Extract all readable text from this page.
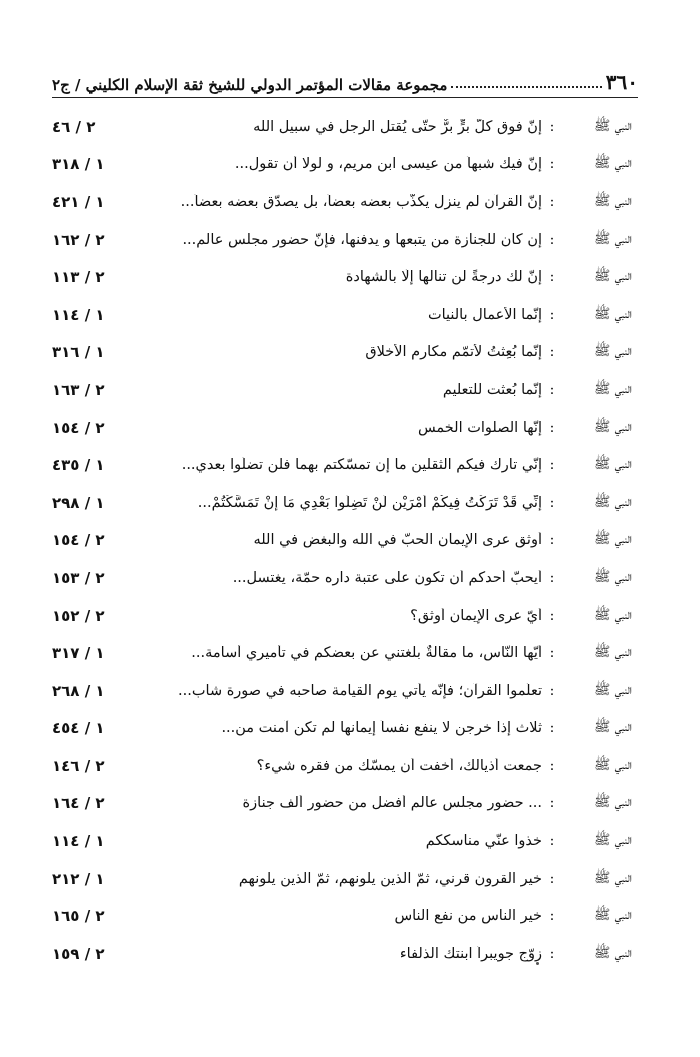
٣٦٠
مجموعة مقالات المؤتمر الدولي للشيخ ثقة الإسلام الكليني / ج٢
النبي ﷺ
:
إنّ فوق كلّ برٍّ برٌّ حتّى يُقتل الرجل في سبيل الله
٢ / ٤٦
النبي ﷺ
:
إنّ فيك شبهاً من عيسى ابن مريم، و لولا أن تقول...
١ / ٣١٨
النبي ﷺ
:
إنّ القرآن لم ينزل يكذّب بعضه بعضاً، بل يصدّق بعضه بعضاً...
١ / ٤٢١
النبي ﷺ
:
إن كان للجنازة من يتبعها و يدفنها، فإنّ حضور مجلس عالم...
٢ / ١٦٢
النبي ﷺ
:
إنّ لك درجةً لن تنالها إلّا بالشهادة
٢ / ١١٣
النبي ﷺ
:
إنّما الأعمال بالنيات
١ / ١١٤
النبي ﷺ
:
إنّما بُعِثتُ لأتمّم مكارم الأخلاق
١ / ٣١٦
النبي ﷺ
:
إنّما بُعثت للتعليم
٢ / ١٦٣
النبي ﷺ
:
إنّها الصلوات الخمس
٢ / ١٥٤
النبي ﷺ
:
إنّي تارك فيكم الثقلين ما إن تمسّكتم بهما فلن تضلّوا بعدي...
١ / ٤٣٥
النبي ﷺ
:
إِنِّي قَدْ تَرَكْتُ فِيكُمْ أَمْرَيْنِ لَنْ تَضِلُّوا بَعْدِي مَا إِنْ تَمَسَّكْتُمْ...
١ / ٢٩٨
النبي ﷺ
:
أوثق عرى الإيمان الحبّ في الله والبغض في الله
٢ / ١٥٤
النبي ﷺ
:
أيحبّ أحدكم أن تكون على عتبة داره حمّة، يغتسل...
٢ / ١٥٣
النبي ﷺ
:
أيّ عرى الإيمان أوثق؟
٢ / ١٥٢
النبي ﷺ
:
أيّها النّاس، ما مقالةٌ بلغتني عن بعضكم في تأميري أسامة...
١ / ٣١٧
النبي ﷺ
:
تعلّموا القرآن؛ فإنّه يأتي يوم القيامة صاحبه في صورة شاب...
١ / ٢٦٨
النبي ﷺ
:
ثلاث إذا خرجن لا ينفع نفساً إيمانها لم تكن آمنت من...
١ / ٤٥٤
النبي ﷺ
:
جمعت أذيالك، أخفت أن يمسّك من فقره شيء؟
٢ / ١٤٦
النبي ﷺ
:
... حضور مجلس عالم أفضل من حضور ألف جنازة
٢ / ١٦٤
النبي ﷺ
:
خذوا عنّي مناسككم
١ / ١١٤
النبي ﷺ
:
خير القرون قرني، ثمّ الذين يلونهم، ثمّ الذين يلونهم
١ / ٢١٢
النبي ﷺ
:
خير الناس من نفع الناس
٢ / ١٦٥
النبي ﷺ
:
زوّج جويبراً ابنتك الذلفاء
٢ / ١٥٩
